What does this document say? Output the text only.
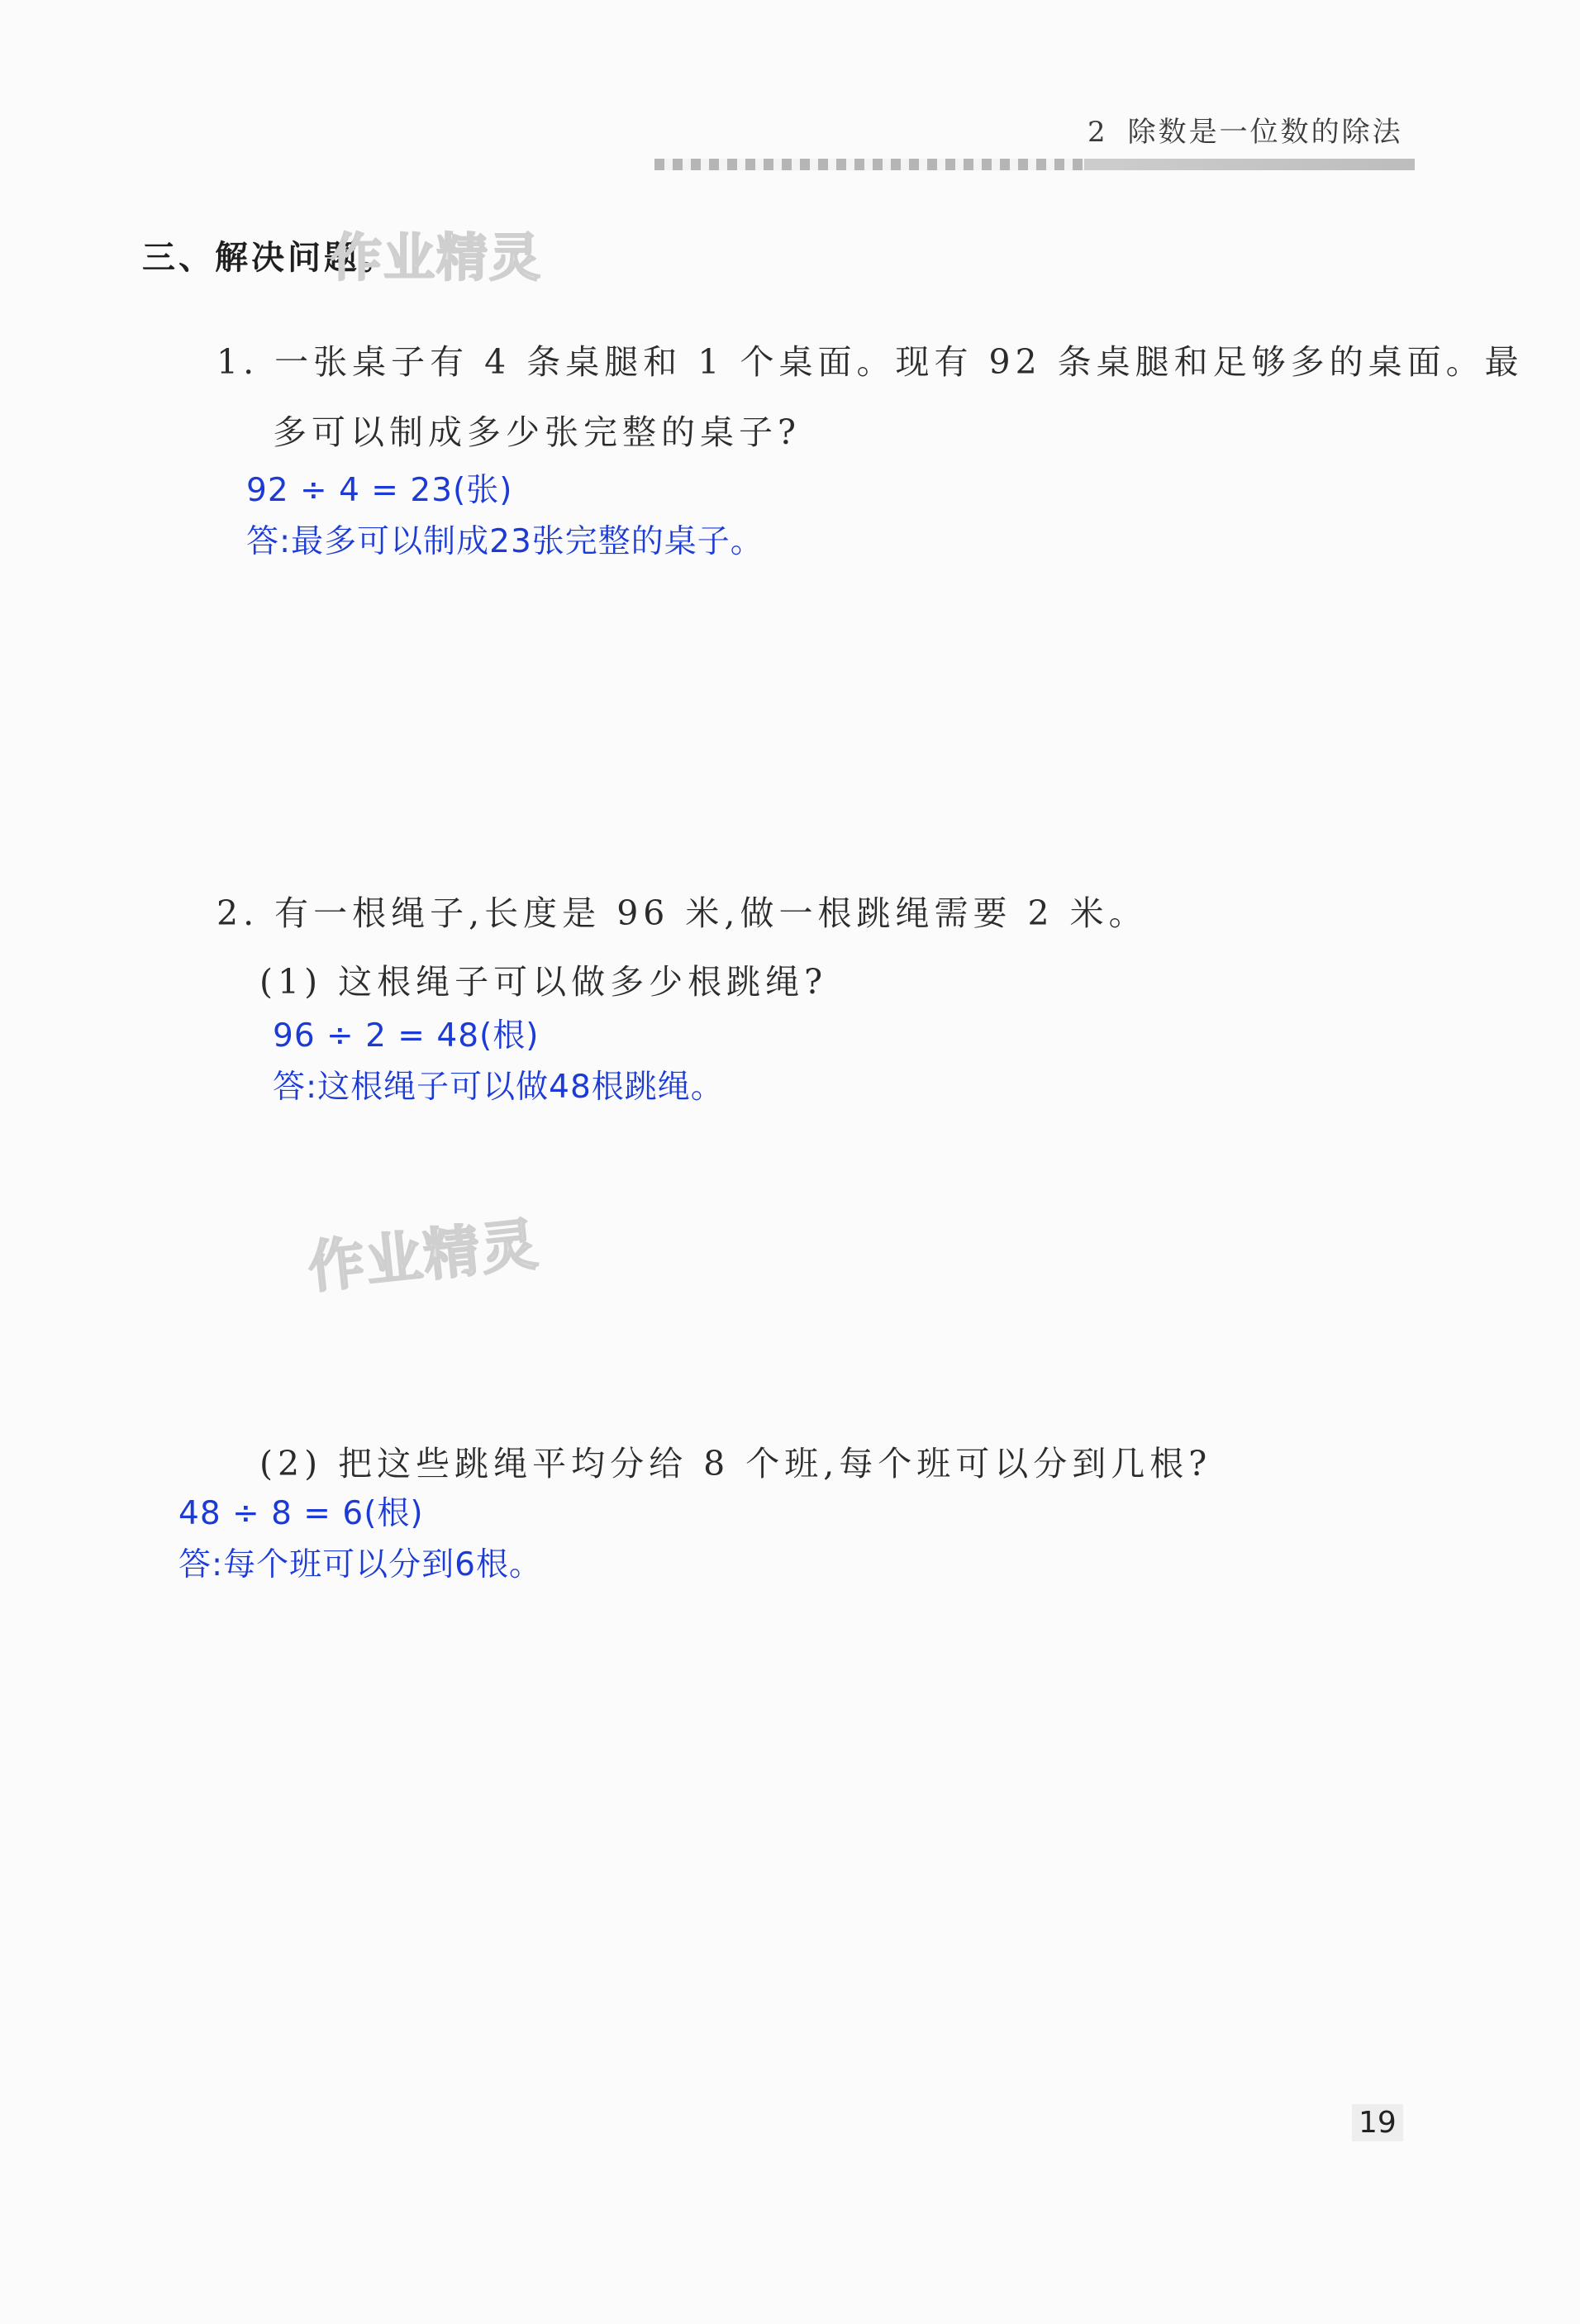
2 除数是一位数的除法
三、解决问题。
作业精灵
作业精灵
1. 一张桌子有 4 条桌腿和 1 个桌面。现有 92 条桌腿和足够多的桌面。最
多可以制成多少张完整的桌子?
92 ÷ 4 = 23(张)
答:最多可以制成23张完整的桌子。
2. 有一根绳子,长度是 96 米,做一根跳绳需要 2 米。
(1) 这根绳子可以做多少根跳绳?
96 ÷ 2 = 48(根)
答:这根绳子可以做48根跳绳。
(2) 把这些跳绳平均分给 8 个班,每个班可以分到几根?
48 ÷ 8 = 6(根)
答:每个班可以分到6根。
19
